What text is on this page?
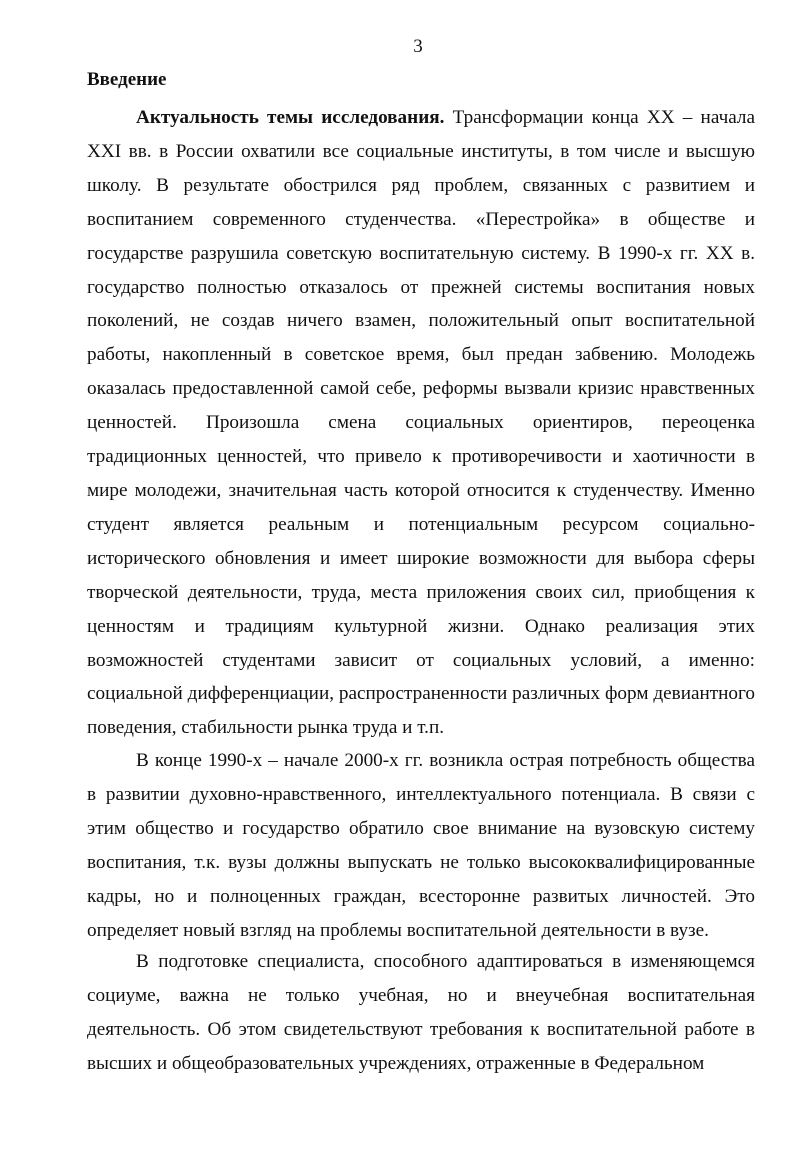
3
Введение

Актуальность темы исследования. Трансформации конца XX – начала XXI вв. в России охватили все социальные институты, в том числе и высшую школу. В результате обострился ряд проблем, связанных с развитием и воспитанием современного студенчества. «Перестройка» в обществе и государстве разрушила советскую воспитательную систему. В 1990-х гг. XX в. государство полностью отказалось от прежней системы воспитания новых поколений, не создав ничего взамен, положительный опыт воспитательной работы, накопленный в советское время, был предан забвению. Молодежь оказалась предоставленной самой себе, реформы вызвали кризис нравственных ценностей. Произошла смена социальных ориентиров, переоценка традиционных ценностей, что привело к противоречивости и хаотичности в мире молодежи, значительная часть которой относится к студенчеству. Именно студент является реальным и потенциальным ресурсом социально-исторического обновления и имеет широкие возможности для выбора сферы творческой деятельности, труда, места приложения своих сил, приобщения к ценностям и традициям культурной жизни. Однако реализация этих возможностей студентами зависит от социальных условий, а именно: социальной дифференциации, распространенности различных форм девиантного поведения, стабильности рынка труда и т.п.

В конце 1990-х – начале 2000-х гг. возникла острая потребность общества в развитии духовно-нравственного, интеллектуального потенциала. В связи с этим общество и государство обратило свое внимание на вузовскую систему воспитания, т.к. вузы должны выпускать не только высококвалифицированные кадры, но и полноценных граждан, всесторонне развитых личностей. Это определяет новый взгляд на проблемы воспитательной деятельности в вузе.

В подготовке специалиста, способного адаптироваться в изменяющемся социуме, важна не только учебная, но и внеучебная воспитательная деятельность. Об этом свидетельствуют требования к воспитательной работе в высших и общеобразовательных учреждениях, отраженные в Федеральном
